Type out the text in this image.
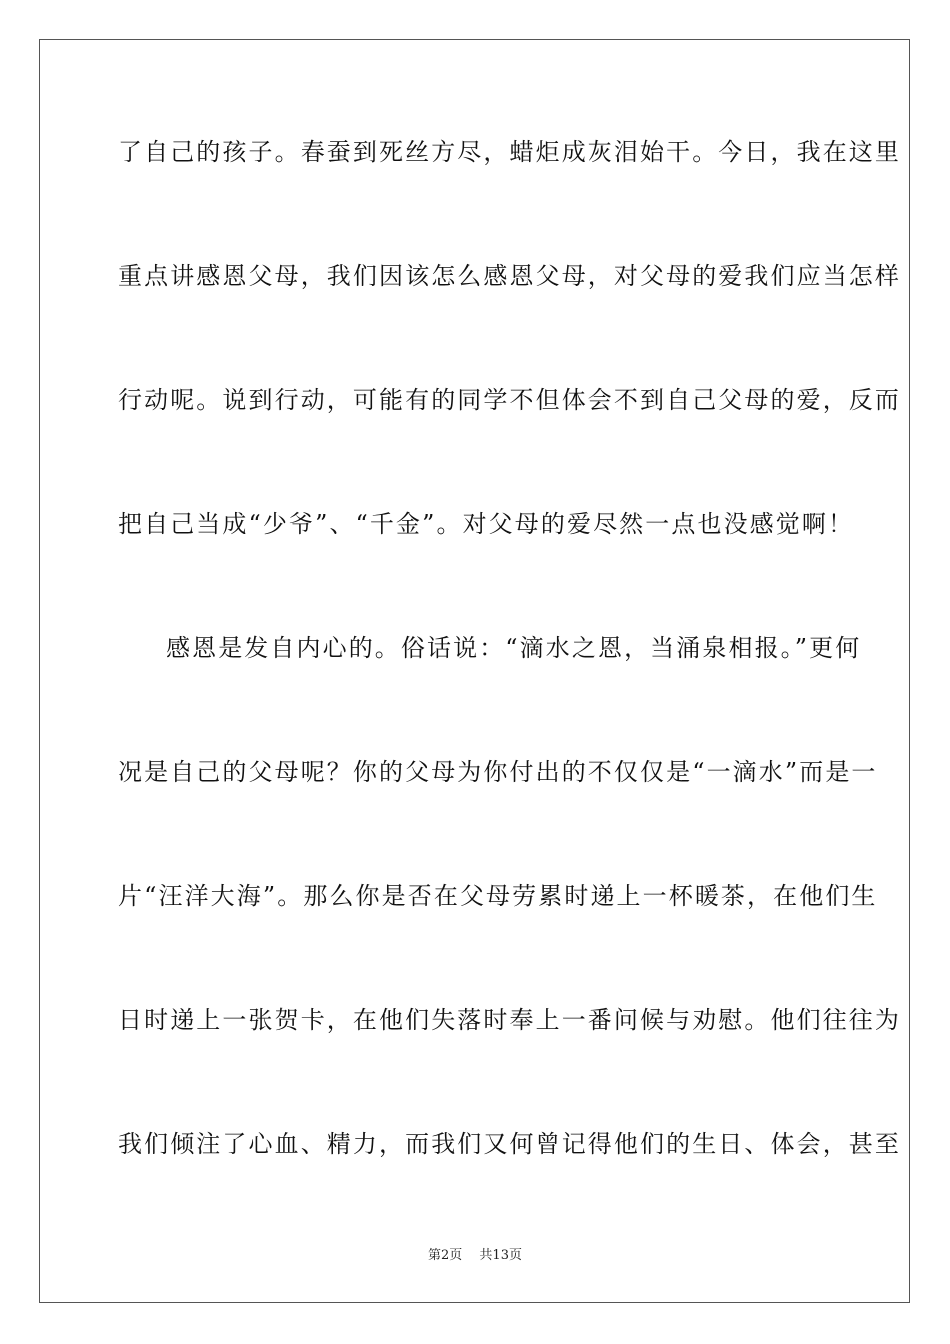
了自己的孩子。春蚕到死丝方尽，蜡炬成灰泪始干。今日，我在这里
重点讲感恩父母，我们因该怎么感恩父母，对父母的爱我们应当怎样
行动呢。说到行动，可能有的同学不但体会不到自己父母的爱，反而
把自己当成“少爷”、“千金”。对父母的爱尽然一点也没感觉啊！
感恩是发自内心的。俗话说：“滴水之恩，当涌泉相报。”更何
况是自己的父母呢？你的父母为你付出的不仅仅是“一滴水”而是一
片“汪洋大海”。那么你是否在父母劳累时递上一杯暖茶，在他们生
日时递上一张贺卡，在他们失落时奉上一番问候与劝慰。他们往往为
我们倾注了心血、精力，而我们又何曾记得他们的生日、体会，甚至
第2页　 共13页
